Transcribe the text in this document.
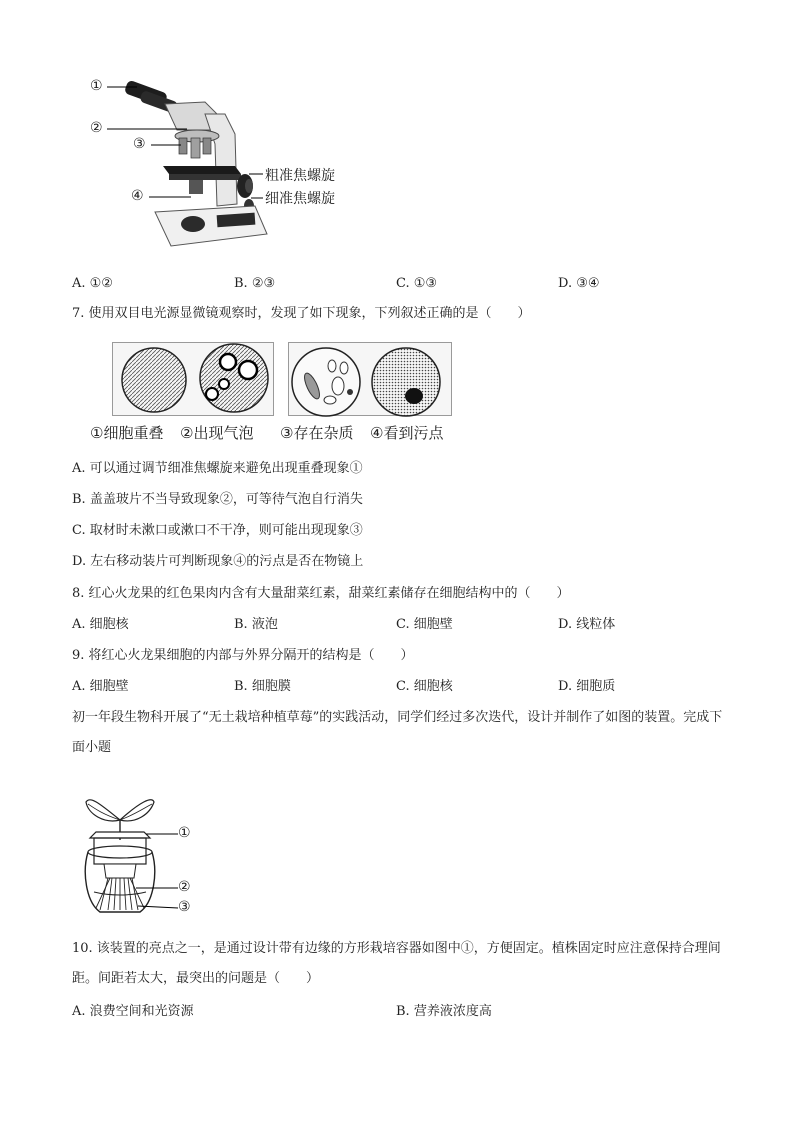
①
②
③
④
粗准焦螺旋
细准焦螺旋
A. ①②	B. ②③	C. ①③	D. ③④
7. 使用双目电光源显微镜观察时，发现了如下现象，下列叙述正确的是（　　）
①细胞重叠 ②出现气泡 ③存在杂质 ④看到污点
A. 可以通过调节细准焦螺旋来避免出现重叠现象①
B. 盖盖玻片不当导致现象②，可等待气泡自行消失
C. 取材时未漱口或漱口不干净，则可能出现现象③
D. 左右移动装片可判断现象④的污点是否在物镜上
8. 红心火龙果的红色果肉内含有大量甜菜红素，甜菜红素储存在细胞结构中的（　　）
A. 细胞核	B. 液泡	C. 细胞壁	D. 线粒体
9. 将红心火龙果细胞的内部与外界分隔开的结构是（　　）
A. 细胞壁	B. 细胞膜	C. 细胞核	D. 细胞质
初一年段生物科开展了“无土栽培种植草莓”的实践活动，同学们经过多次迭代，设计并制作了如图的装置。完成下面小题
①
②
③
10. 该装置的亮点之一，是通过设计带有边缘的方形栽培容器如图中①，方便固定。植株固定时应注意保持合理间距。间距若太大，最突出的问题是（　　）
A. 浪费空间和光资源	B. 营养液浓度高
